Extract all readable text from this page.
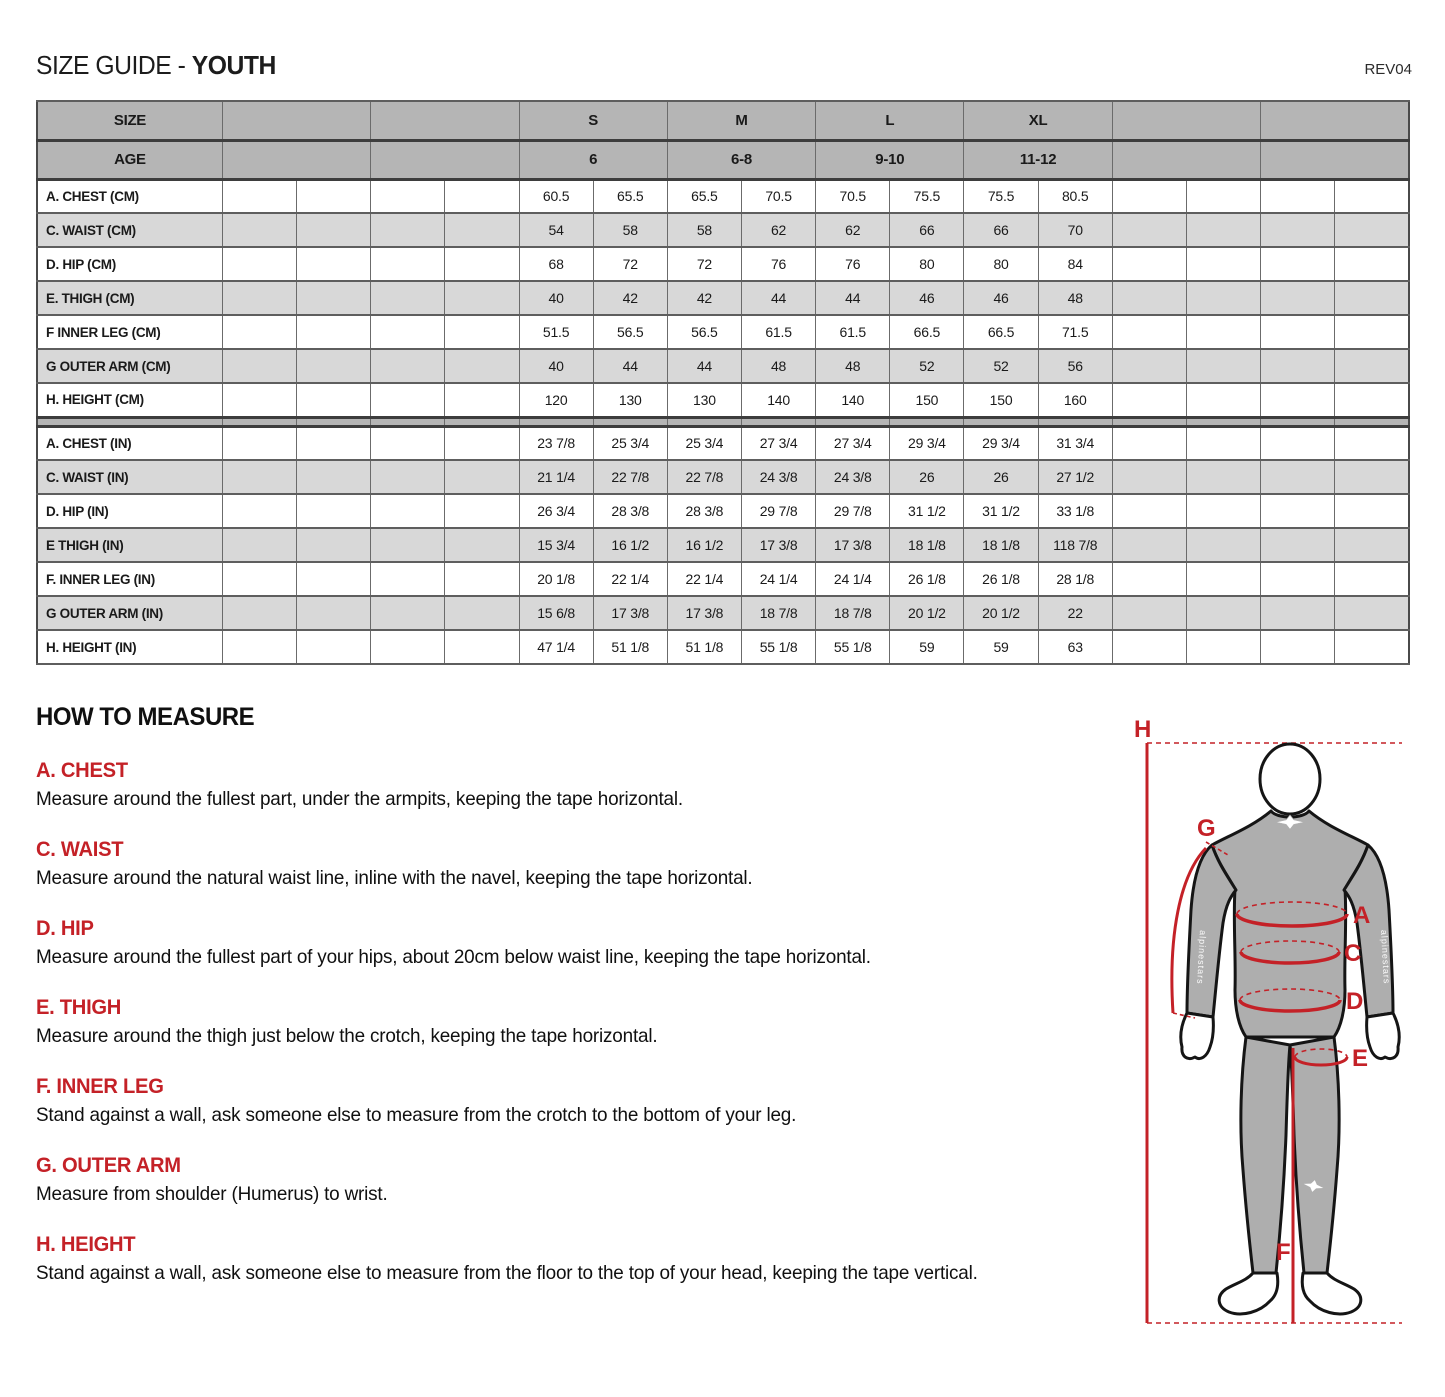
SIZE GUIDE - YOUTH	REV04
SIZE					S		M		L		XL					
AGE					6		6-8		9-10		11-12					
A. CHEST (CM)					60.5	65.5	65.5	70.5	70.5	75.5	75.5	80.5				
C. WAIST (CM)					54	58	58	62	62	66	66	70				
D. HIP (CM)					68	72	72	76	76	80	80	84				
E. THIGH (CM)					40	42	42	44	44	46	46	48				
F INNER LEG (CM)					51.5	56.5	56.5	61.5	61.5	66.5	66.5	71.5				
G OUTER ARM (CM)					40	44	44	48	48	52	52	56				
H. HEIGHT (CM)					120	130	130	140	140	150	150	160				

A. CHEST (IN)					23 7/8	25 3/4	25 3/4	27 3/4	27 3/4	29 3/4	29 3/4	31 3/4				
C. WAIST (IN)					21 1/4	22 7/8	22 7/8	24 3/8	24 3/8	26	26	27 1/2				
D. HIP (IN)					26 3/4	28 3/8	28 3/8	29 7/8	29 7/8	31 1/2	31 1/2	33 1/8				
E THIGH (IN)					15 3/4	16 1/2	16 1/2	17 3/8	17 3/8	18 1/8	18 1/8	118 7/8				
F. INNER LEG (IN)					20 1/8	22 1/4	22 1/4	24 1/4	24 1/4	26 1/8	26 1/8	28 1/8				
G OUTER ARM (IN)					15 6/8	17 3/8	17 3/8	18 7/8	18 7/8	20 1/2	20 1/2	22				
H. HEIGHT (IN)					47 1/4	51 1/8	51 1/8	55 1/8	55 1/8	59	59	63				
HOW TO MEASURE
A. CHEST

Measure around the fullest part, under the armpits, keeping the tape horizontal.

C. WAIST

Measure around the natural waist line, inline with the navel, keeping the tape horizontal.

D. HIP

Measure around the fullest part of your hips, about 20cm below waist line, keeping the tape horizontal.

E. THIGH

Measure around the thigh just below the crotch, keeping the tape horizontal.

F. INNER LEG

Stand against a wall, ask someone else to measure from the crotch to the bottom of your leg.

G. OUTER ARM

Measure from shoulder (Humerus) to wrist.

H. HEIGHT

Stand against a wall, ask someone else to measure from the floor to the top of your head, keeping the tape vertical.

alpinestars	alpinestars
H
G
A
C
D
E
F
